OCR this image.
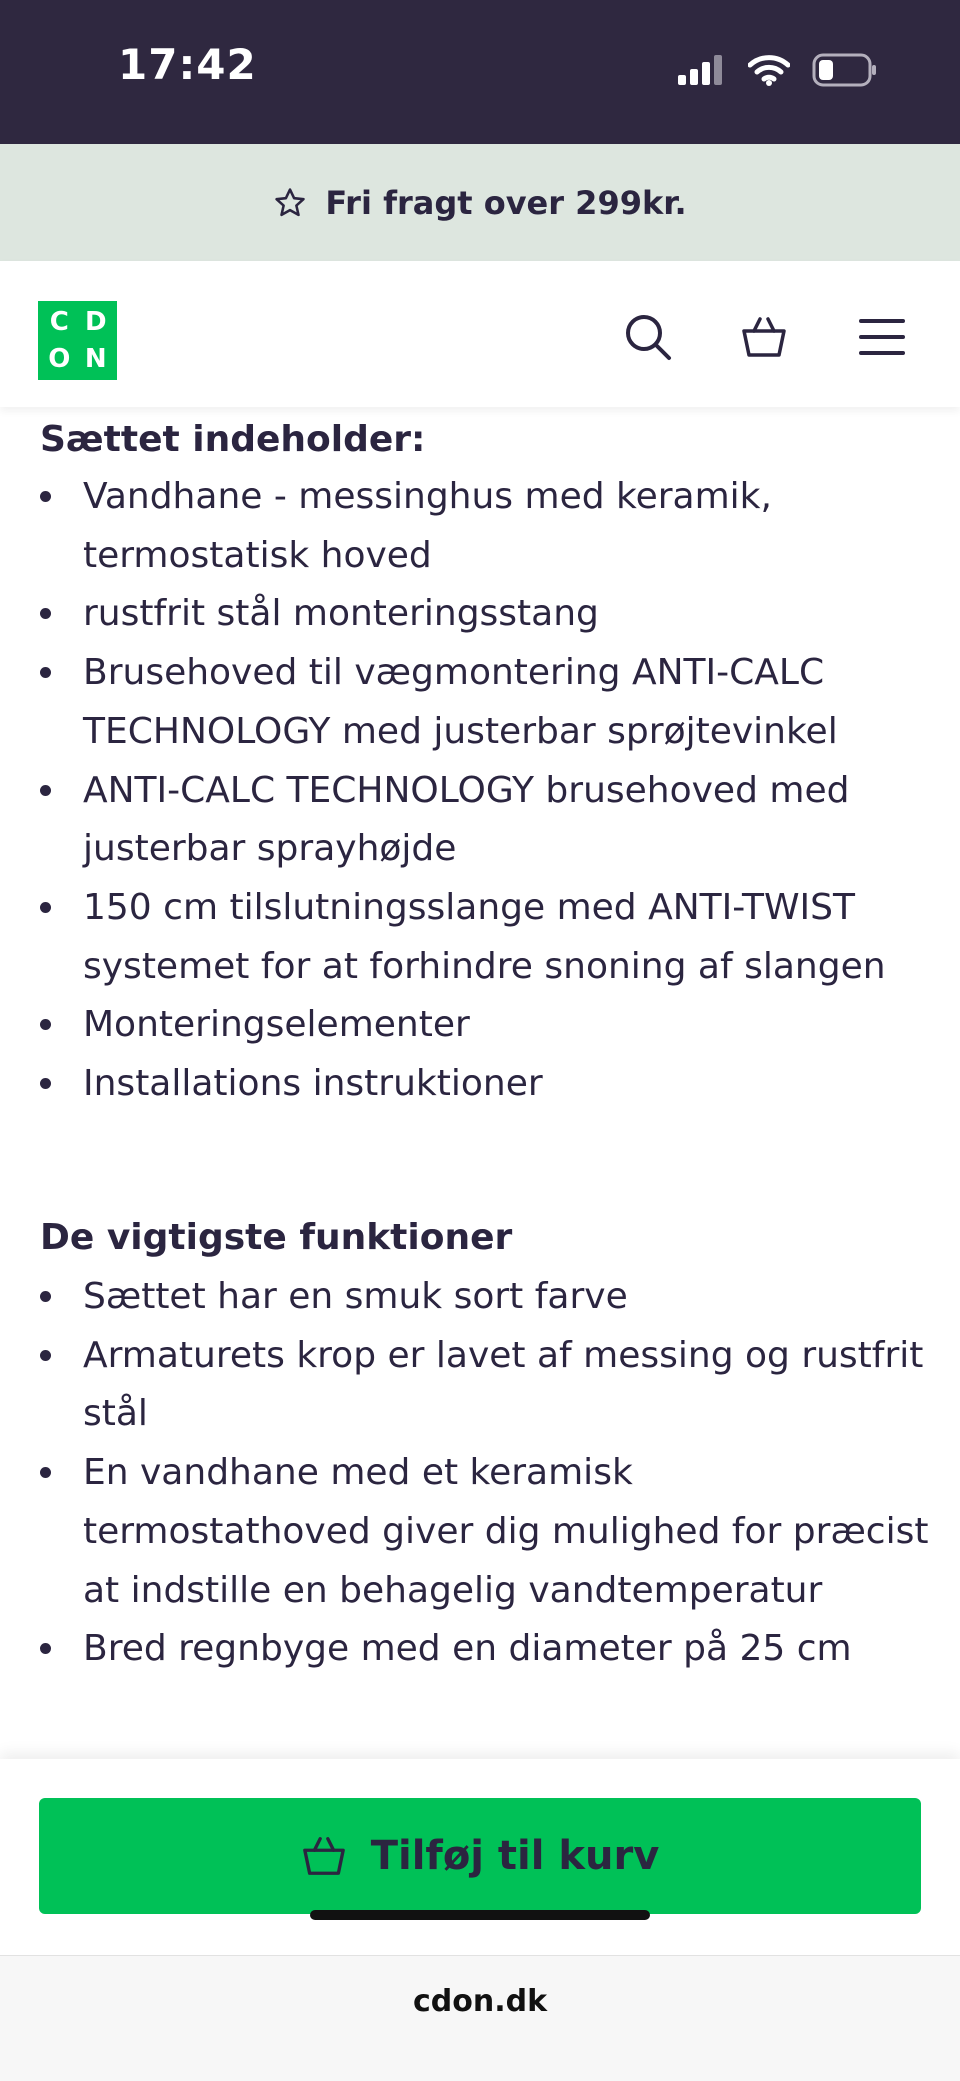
17:42
Fri fragt over 299kr.
C D
O N
Sættet indeholder:
Vandhane - messinghus med keramik, termostatisk hoved
rustfrit stål monteringsstang
Brusehoved til vægmontering ANTI-CALC TECHNOLOGY med justerbar sprøjtevinkel
ANTI-CALC TECHNOLOGY brusehoved med justerbar sprayhøjde
150 cm tilslutningsslange med ANTI-TWIST systemet for at forhindre snoning af slangen
Monteringselementer
Installations instruktioner
De vigtigste funktioner
Sættet har en smuk sort farve
Armaturets krop er lavet af messing og rustfrit stål
En vandhane med et keramisk termostathoved giver dig mulighed for præcist at indstille en behagelig vandtemperatur
Bred regnbyge med en diameter på 25 cm
Tilføj til kurv
cdon.dk
